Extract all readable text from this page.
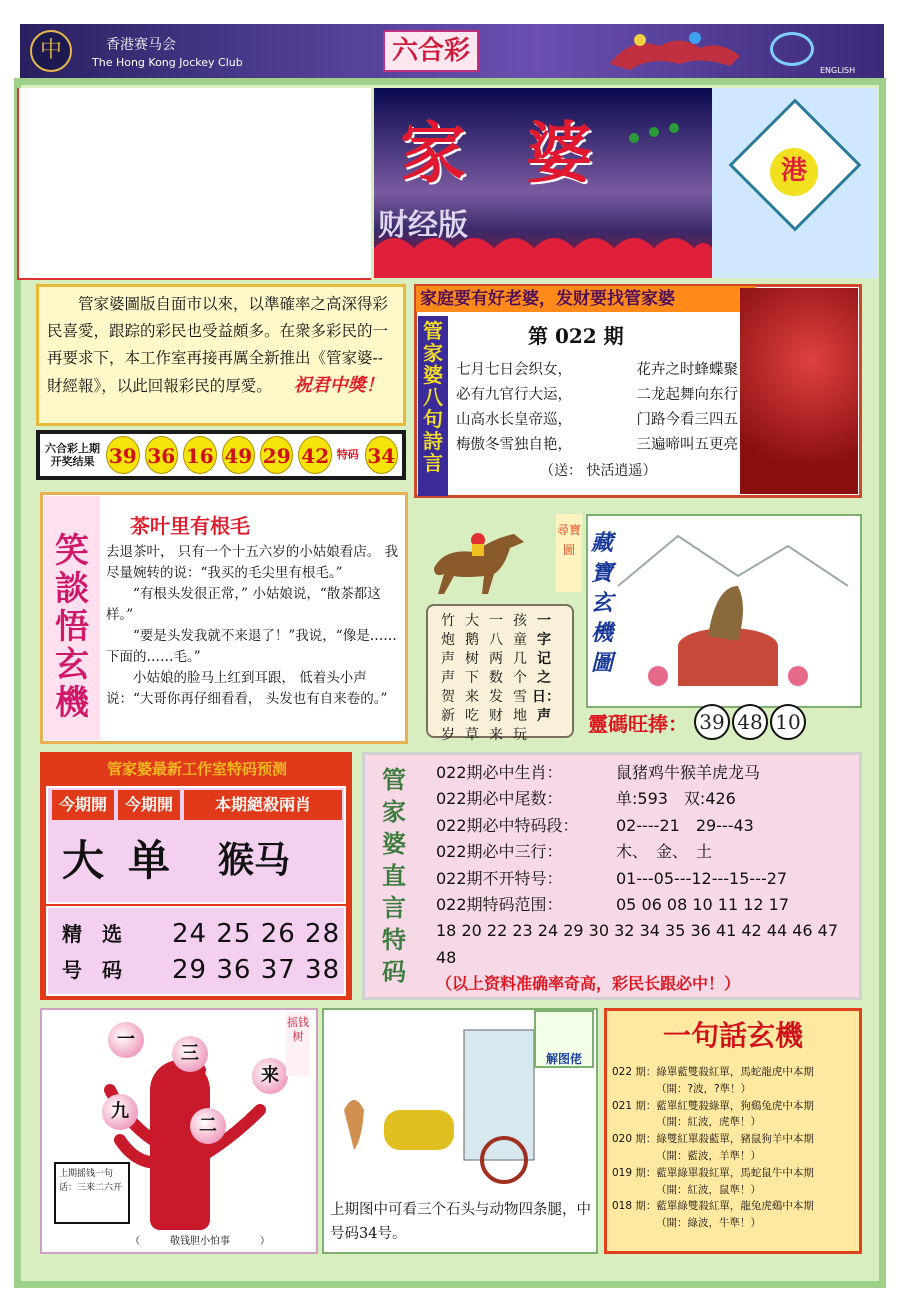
中	香港赛马会
The Hong Kong Jockey Club	六合彩
ENGLISH
家婆
财经版
港
　　管家婆圖版自面市以來，以準確率之高深得彩民喜愛，跟踪的彩民也受益頗多。在衆多彩民的一再要求下，本工作室再接再厲全新推出《管家婆--財經報》，以此回報彩民的厚愛。 祝君中獎！
六合彩上期开奖结果 39 36 16 49 29 42 特码 34
家庭要有好老婆，发财要找管家婆
管家婆八句詩言
第 022 期
七月七日会织女，	花卉之时蜂蝶聚
必有九官行大运，	二龙起舞向东行
山高水长皇帝巡，	门路今看三四五
梅傲冬雪独自艳，	三遍啼叫五更亮
（送： 快活逍遥）
笑談悟玄機
茶叶里有根毛

去退茶叶， 只有一个十五六岁的小姑娘看店。 我尽量婉转的说：“我买的毛尖里有根毛。”

　　“有根头发很正常，” 小姑娘说，“散茶都这样。”

　　“要是头发我就不来退了！”我说，“像是……下面的……毛。”

　　小姑娘的脸马上红到耳跟， 低着头小声说：“大哥你再仔细看看， 头发也有自来卷的。”

一字记之日：声
孩童几个雪地玩
一八两数发财来
大鹅树下来吃草
竹炮声声贺新岁
尋寶圖 藏寶玄機圖
靈碼旺捧： 39 48 10
管家婆最新工作室特码预测
今期開	今期開	本期絕殺兩肖
大 单 猴马
精选号码
24 25 26 28
29 36 37 38
管家婆直言特码
022期必中生肖：	鼠猪鸡牛猴羊虎龙马
022期必中尾数：	单:593　双:426
022期必中特码段：	02----21　29---43
022期必中三行：	木、　金、　土
022期不开特号：	01---05---12---15---27
022期特码范围：	05 06 08 10 11 12 17
18 20 22 23 24 29 30 32 34 35 36 41 42 44 46 47 48
（以上资料准确率奇高，彩民长跟必中！）
一
三
来
九
二
摇钱树
上期摇钱一句话：三来二六开
（　　　敬钱胆小怕事　　　）
解图佬
上期图中可看三个石头与动物四条腿，中号码34号。
一句話玄機
022 期：綠單藍雙殺紅單，馬蛇龍虎中本期
（開：?波，?準！）
021 期：藍單紅雙殺綠單，狗鷄兔虎中本期
（開：紅波，虎準！）
020 期：綠雙紅單殺藍單，豬鼠狗羊中本期
（開：藍波，羊準！）
019 期：藍單綠單殺紅單，馬蛇鼠牛中本期
（開：紅波，鼠準！）
018 期：藍單綠雙殺紅單，龍兔虎鷄中本期
（開：綠波，牛準！）
